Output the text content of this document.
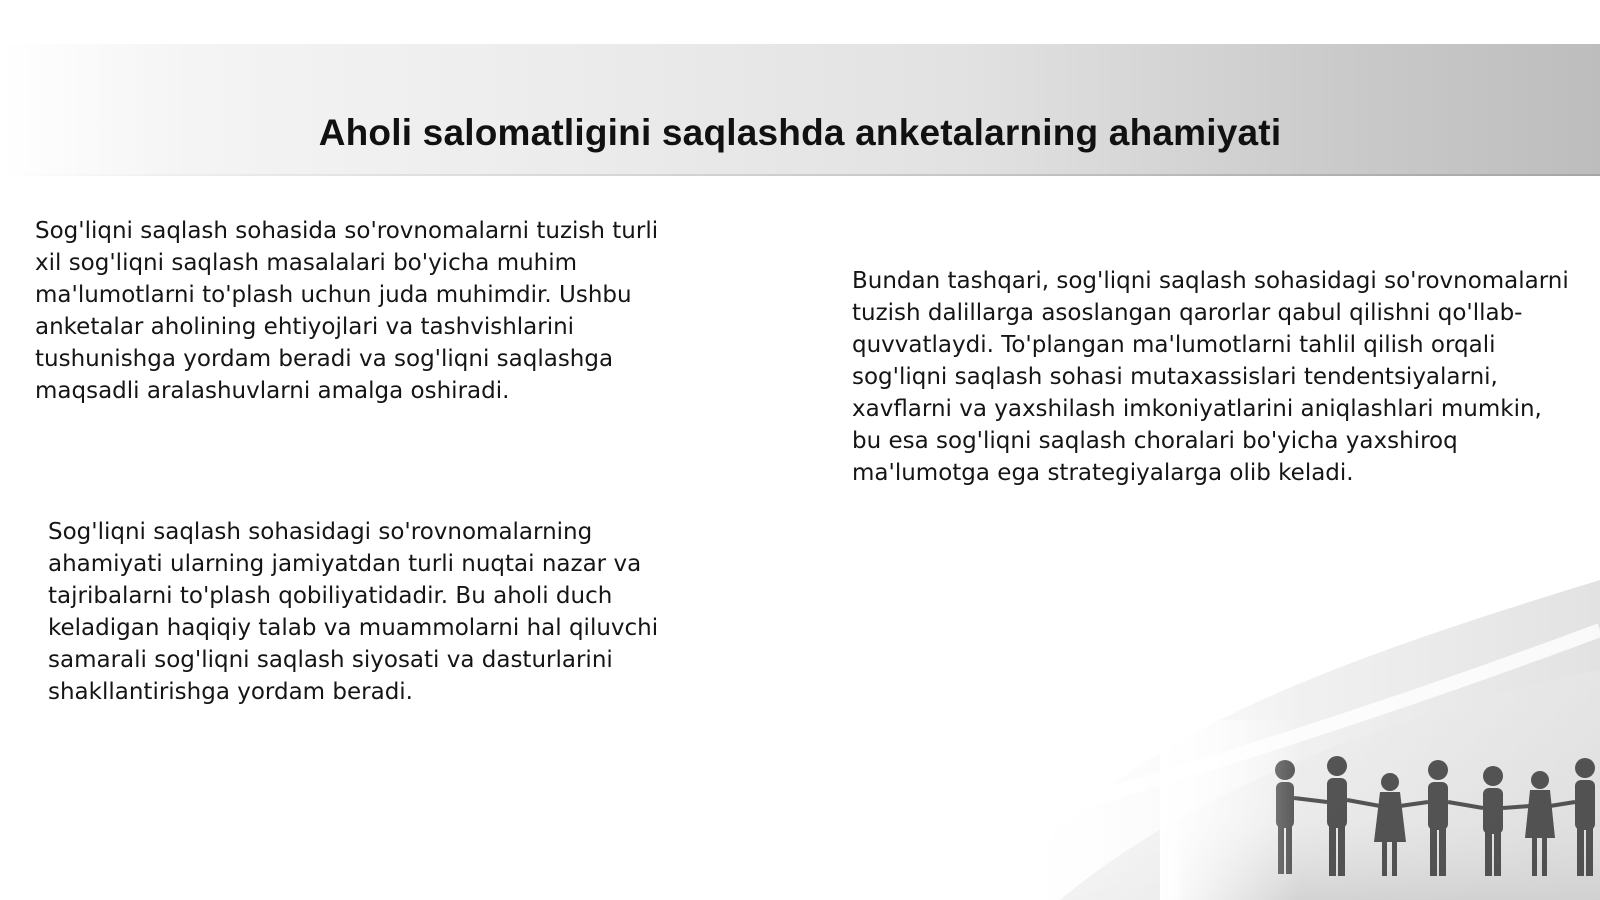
Aholi salomatligini saqlashda anketalarning ahamiyati

Sog'liqni saqlash sohasida so'rovnomalarni tuzish turli xil sog'liqni saqlash masalalari bo'yicha muhim ma'lumotlarni to'plash uchun juda muhimdir. Ushbu anketalar aholining ehtiyojlari va tashvishlarini tushunishga yordam beradi va sog'liqni saqlashga maqsadli aralashuvlarni amalga oshiradi.

Bundan tashqari, sog'liqni saqlash sohasidagi so'rovnomalarni tuzish dalillarga asoslangan qarorlar qabul qilishni qo'llab-quvvatlaydi. To'plangan ma'lumotlarni tahlil qilish orqali sog'liqni saqlash sohasi mutaxassislari tendentsiyalarni, xavflarni va yaxshilash imkoniyatlarini aniqlashlari mumkin, bu esa sog'liqni saqlash choralari bo'yicha yaxshiroq ma'lumotga ega strategiyalarga olib keladi.

Sog'liqni saqlash sohasidagi so'rovnomalarning ahamiyati ularning jamiyatdan turli nuqtai nazar va tajribalarni to'plash qobiliyatidadir. Bu aholi duch keladigan haqiqiy talab va muammolarni hal qiluvchi samarali sog'liqni saqlash siyosati va dasturlarini shakllantirishga yordam beradi.
